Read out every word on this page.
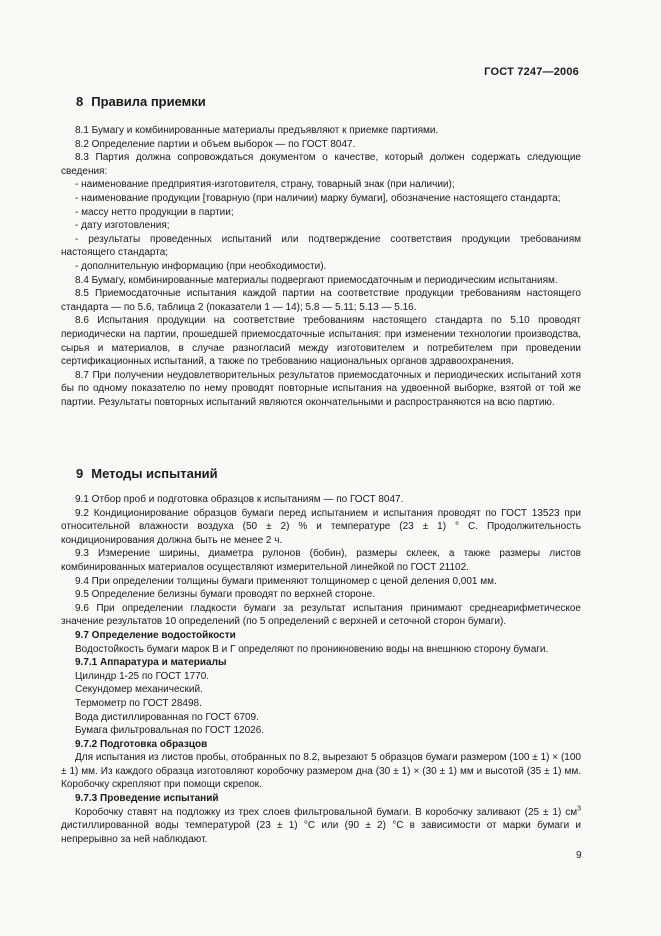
ГОСТ 7247—2006
8 Правила приемки

8.1 Бумагу и комбинированные материалы предъявляют к приемке партиями.

8.2 Определение партии и объем выборок — по ГОСТ 8047.

8.3 Партия должна сопровождаться документом о качестве, который должен содержать следующие сведения:

- наименование предприятия-изготовителя, страну, товарный знак (при наличии);

- наименование продукции [товарную (при наличии) марку бумаги], обозначение настоящего стандарта;

- массу нетто продукции в партии;

- дату изготовления;

- результаты проведенных испытаний или подтверждение соответствия продукции требованиям настоящего стандарта;

- дополнительную информацию (при необходимости).

8.4 Бумагу, комбинированные материалы подвергают приемосдаточным и периодическим испытаниям.

8.5 Приемосдаточные испытания каждой партии на соответствие продукции требованиям настоящего стандарта — по 5.6, таблица 2 (показатели 1 — 14); 5.8 — 5.11; 5.13 — 5.16.

8.6 Испытания продукции на соответствие требованиям настоящего стандарта по 5.10 проводят периодически на партии, прошедшей приемосдаточные испытания: при изменении технологии производства, сырья и материалов, в случае разногласий между изготовителем и потребителем при проведении сертификационных испытаний, а также по требованию национальных органов здравоохранения.

8.7 При получении неудовлетворительных результатов приемосдаточных и периодических испытаний хотя бы по одному показателю по нему проводят повторные испытания на удвоенной выборке, взятой от той же партии. Результаты повторных испытаний являются окончательными и распространяются на всю партию.

9 Методы испытаний

9.1 Отбор проб и подготовка образцов к испытаниям — по ГОСТ 8047.

9.2 Кондиционирование образцов бумаги перед испытанием и испытания проводят по ГОСТ 13523 при относительной влажности воздуха (50 ± 2) % и температуре (23 ± 1) ° С. Продолжительность кондиционирования должна быть не менее 2 ч.

9.3 Измерение ширины, диаметра рулонов (бобин), размеры склеек, а также размеры листов комбинированных материалов осуществляют измерительной линейкой по ГОСТ 21102.

9.4 При определении толщины бумаги применяют толщиномер с ценой деления 0,001 мм.

9.5 Определение белизны бумаги проводят по верхней стороне.

9.6 При определении гладкости бумаги за результат испытания принимают среднеарифметическое значение результатов 10 определений (по 5 определений с верхней и сеточной сторон бумаги).

9.7 Определение водостойкости

Водостойкость бумаги марок В и Г определяют по проникновению воды на внешнюю сторону бумаги.

9.7.1 Аппаратура и материалы

Цилиндр 1-25 по ГОСТ 1770.

Секундомер механический.

Термометр по ГОСТ 28498.

Вода дистиллированная по ГОСТ 6709.

Бумага фильтровальная по ГОСТ 12026.

9.7.2 Подготовка образцов

Для испытания из листов пробы, отобранных по 8.2, вырезают 5 образцов бумаги размером (100 ± 1) × (100 ± 1) мм. Из каждого образца изготовляют коробочку размером дна (30 ± 1) × (30 ± 1) мм и высотой (35 ± 1) мм. Коробочку скрепляют при помощи скрепок.

9.7.3 Проведение испытаний

Коробочку ставят на подложку из трех слоев фильтровальной бумаги. В коробочку заливают (25 ± 1) $см^3$ дистиллированной воды температурой (23 ± 1) °С или (90 ± 2) °С в зависимости от марки бумаги и непрерывно за ней наблюдают.

9
